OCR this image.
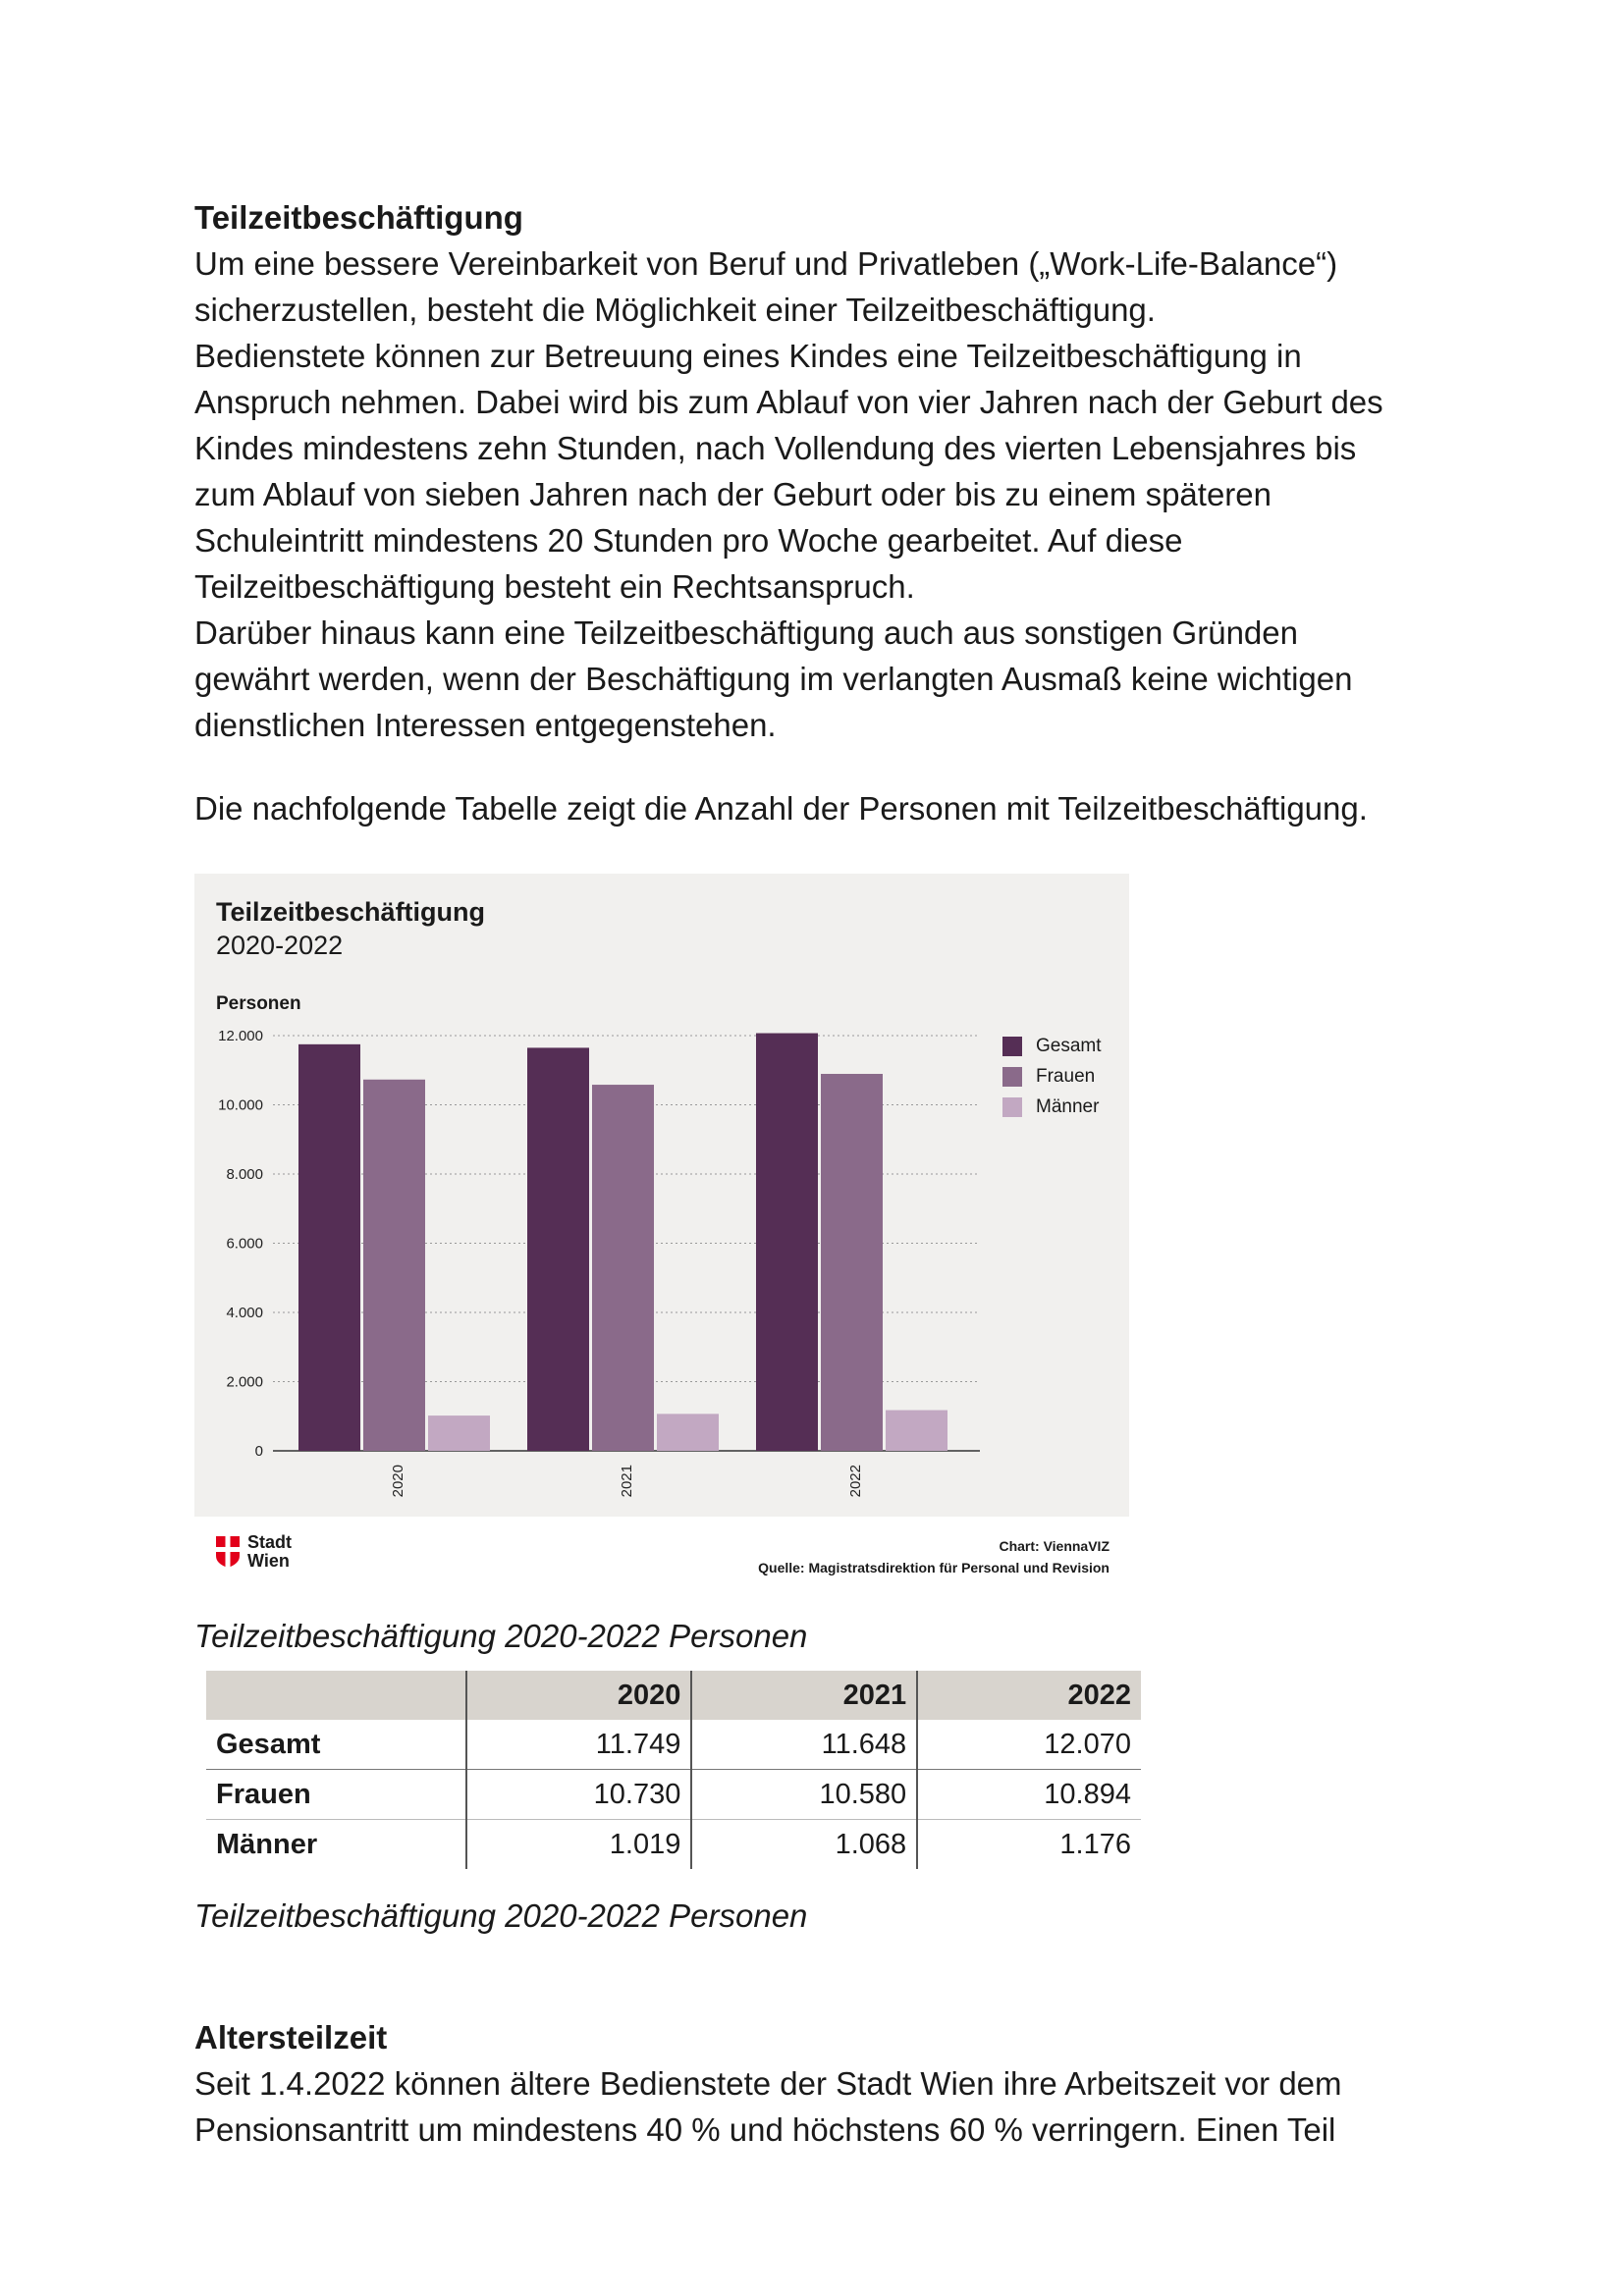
Teilzeitbeschäftigung

Um eine bessere Vereinbarkeit von Beruf und Privatleben („Work-Life-Balance“)

sicherzustellen, besteht die Möglichkeit einer Teilzeitbeschäftigung.

Bedienstete können zur Betreuung eines Kindes eine Teilzeitbeschäftigung in

Anspruch nehmen. Dabei wird bis zum Ablauf von vier Jahren nach der Geburt des

Kindes mindestens zehn Stunden, nach Vollendung des vierten Lebensjahres bis

zum Ablauf von sieben Jahren nach der Geburt oder bis zu einem späteren

Schuleintritt mindestens 20 Stunden pro Woche gearbeitet. Auf diese

Teilzeitbeschäftigung besteht ein Rechtsanspruch.

Darüber hinaus kann eine Teilzeitbeschäftigung auch aus sonstigen Gründen

gewährt werden, wenn der Beschäftigung im verlangten Ausmaß keine wichtigen

dienstlichen Interessen entgegenstehen.

Die nachfolgende Tabelle zeigt die Anzahl der Personen mit Teilzeitbeschäftigung.

0
2.000
4.000
6.000
8.000
10.000
12.000
2020	2021	2022
Teilzeitbeschäftigung
2020-2022
Personen
Gesamt
Frauen
Männer
Stadt
Wien
Chart: ViennaVIZ
Quelle: Magistratsdirektion für Personal und Revision
Teilzeitbeschäftigung 2020-2022 Personen
	2020	2021	2022
Gesamt	11.749	11.648	12.070
Frauen	10.730	10.580	10.894
Männer	1.019	1.068	1.176
Teilzeitbeschäftigung 2020-2022 Personen

Altersteilzeit

Seit 1.4.2022 können ältere Bedienstete der Stadt Wien ihre Arbeitszeit vor dem

Pensionsantritt um mindestens 40 % und höchstens 60 % verringern. Einen Teil
